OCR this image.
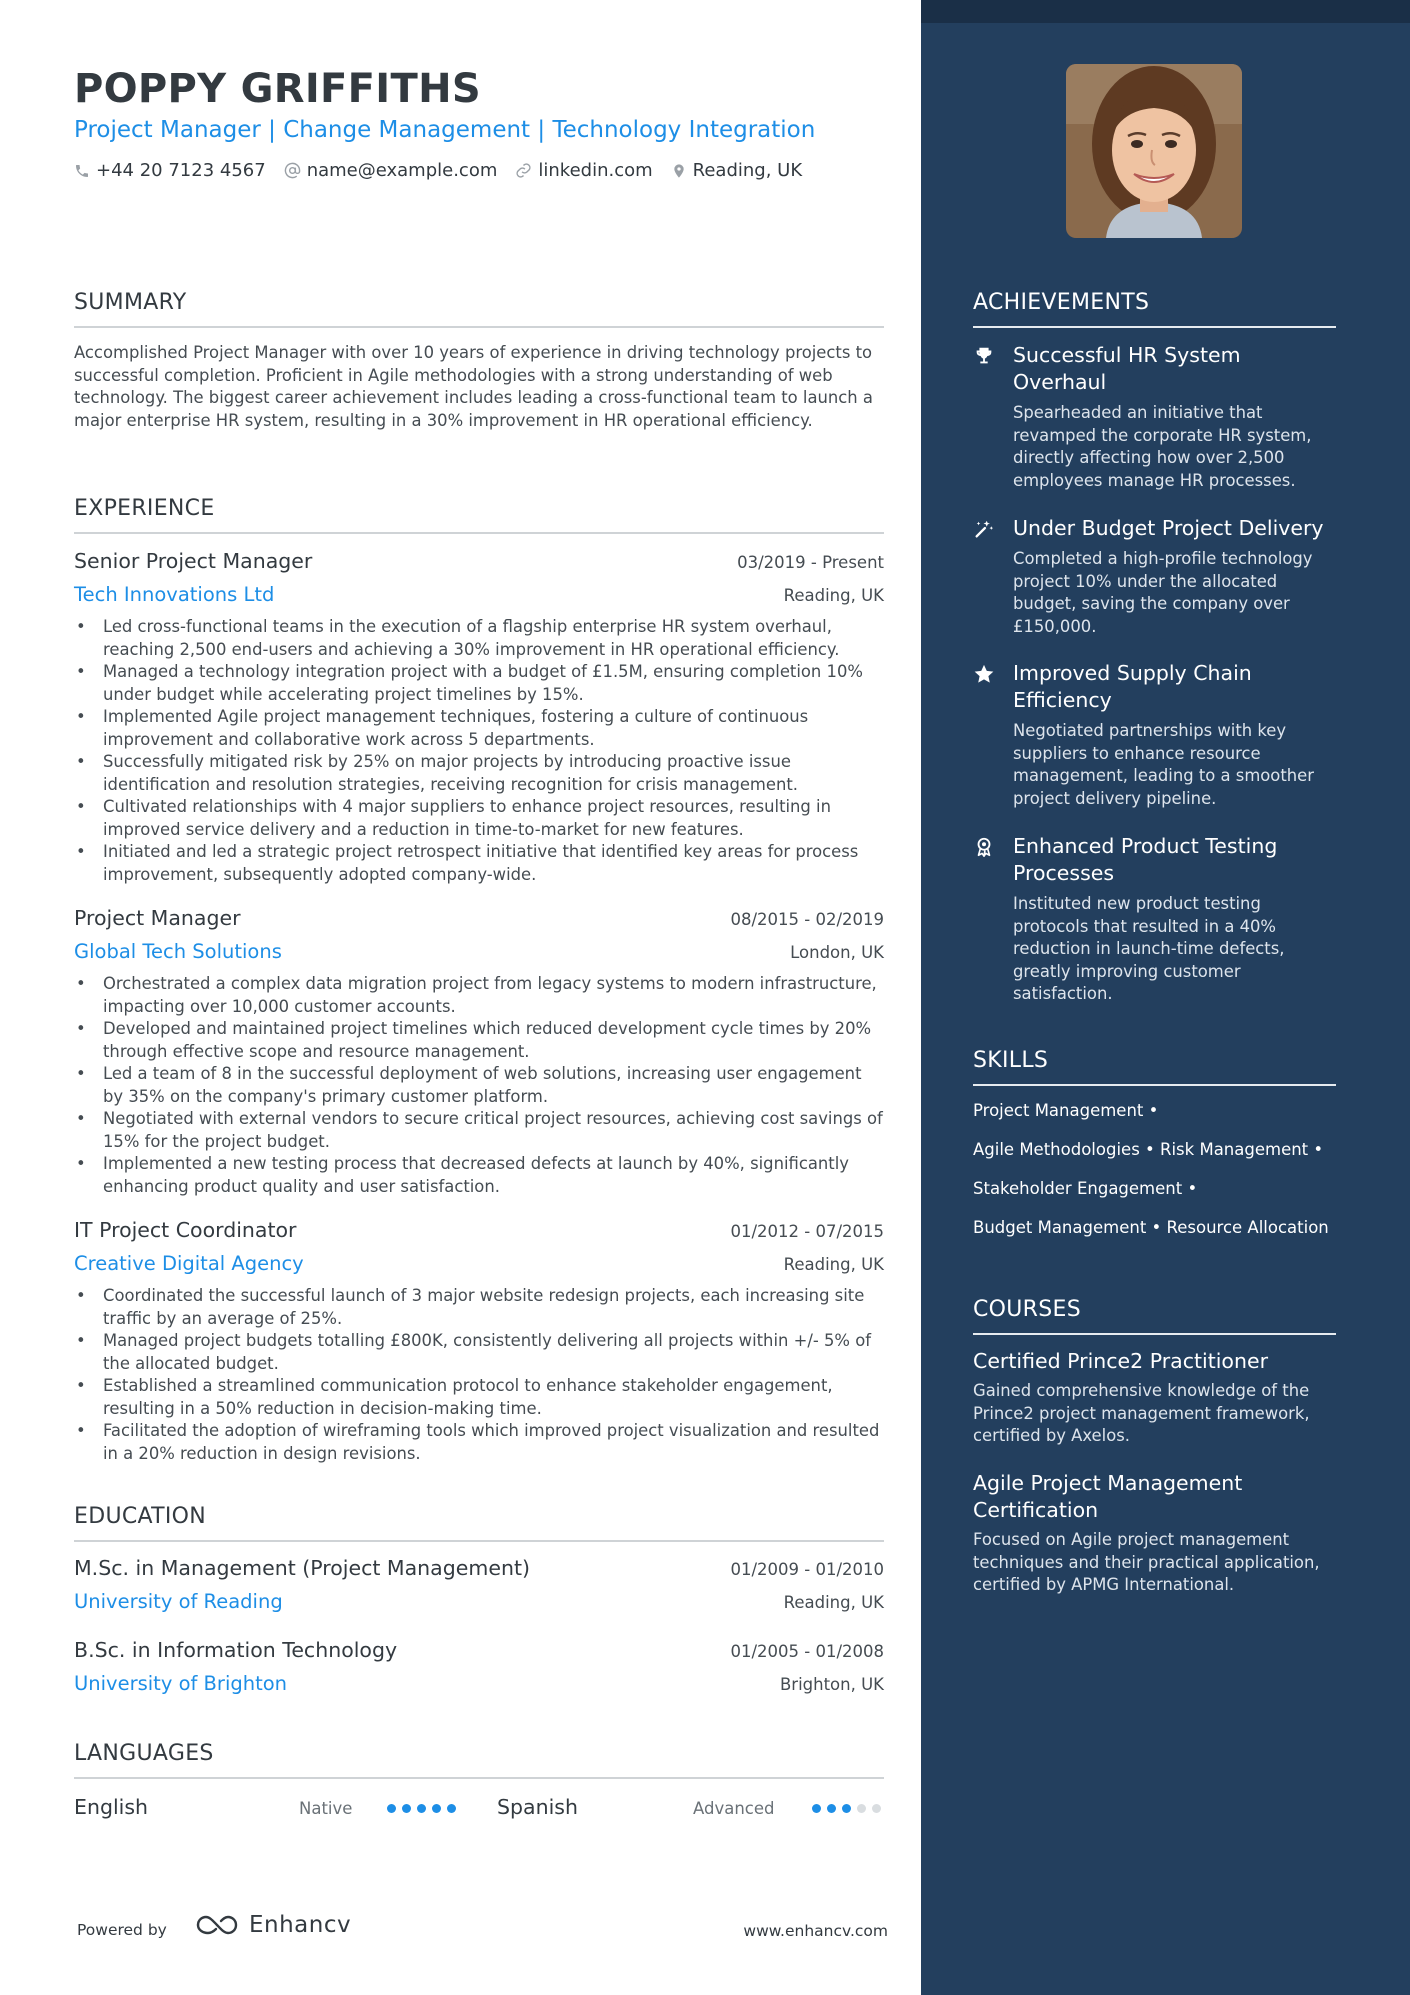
POPPY GRIFFITHS
Project Manager | Change Management | Technology Integration
+44 20 7123 4567 name@example.com linkedin.com Reading, UK
SUMMARY
Accomplished Project Manager with over 10 years of experience in driving technology projects to successful completion. Proficient in Agile methodologies with a strong understanding of web technology. The biggest career achievement includes leading a cross-functional team to launch a major enterprise HR system, resulting in a 30% improvement in HR operational efficiency.
EXPERIENCE
Senior Project Manager	03/2019 - Present
Tech Innovations Ltd	Reading, UK
• Led cross-functional teams in the execution of a flagship enterprise HR system overhaul, reaching 2,500 end-users and achieving a 30% improvement in HR operational efficiency.
• Managed a technology integration project with a budget of £1.5M, ensuring completion 10% under budget while accelerating project timelines by 15%.
• Implemented Agile project management techniques, fostering a culture of continuous improvement and collaborative work across 5 departments.
• Successfully mitigated risk by 25% on major projects by introducing proactive issue identification and resolution strategies, receiving recognition for crisis management.
• Cultivated relationships with 4 major suppliers to enhance project resources, resulting in improved service delivery and a reduction in time-to-market for new features.
• Initiated and led a strategic project retrospect initiative that identified key areas for process improvement, subsequently adopted company-wide.
Project Manager	08/2015 - 02/2019
Global Tech Solutions	London, UK
• Orchestrated a complex data migration project from legacy systems to modern infrastructure, impacting over 10,000 customer accounts.
• Developed and maintained project timelines which reduced development cycle times by 20% through effective scope and resource management.
• Led a team of 8 in the successful deployment of web solutions, increasing user engagement by 35% on the company's primary customer platform.
• Negotiated with external vendors to secure critical project resources, achieving cost savings of 15% for the project budget.
• Implemented a new testing process that decreased defects at launch by 40%, significantly enhancing product quality and user satisfaction.
IT Project Coordinator	01/2012 - 07/2015
Creative Digital Agency	Reading, UK
• Coordinated the successful launch of 3 major website redesign projects, each increasing site traffic by an average of 25%.
• Managed project budgets totalling £800K, consistently delivering all projects within +/- 5% of the allocated budget.
• Established a streamlined communication protocol to enhance stakeholder engagement, resulting in a 50% reduction in decision-making time.
• Facilitated the adoption of wireframing tools which improved project visualization and resulted in a 20% reduction in design revisions.
EDUCATION
M.Sc. in Management (Project Management)	01/2009 - 01/2010
University of Reading	Reading, UK
B.Sc. in Information Technology	01/2005 - 01/2008
University of Brighton	Brighton, UK
LANGUAGES
English	Native	Spanish	Advanced
Powered by	Enhancv	www.enhancv.com
ACHIEVEMENTS
Successful HR System Overhaul
Spearheaded an initiative that revamped the corporate HR system, directly affecting how over 2,500 employees manage HR processes.
Under Budget Project Delivery
Completed a high-profile technology project 10% under the allocated budget, saving the company over £150,000.
Improved Supply Chain Efficiency
Negotiated partnerships with key suppliers to enhance resource management, leading to a smoother project delivery pipeline.
Enhanced Product Testing Processes
Instituted new product testing protocols that resulted in a 40% reduction in launch-time defects, greatly improving customer satisfaction.
SKILLS
Project Management •
Agile Methodologies • Risk Management •
Stakeholder Engagement •
Budget Management • Resource Allocation
COURSES
Certified Prince2 Practitioner
Gained comprehensive knowledge of the Prince2 project management framework, certified by Axelos.
Agile Project Management Certification
Focused on Agile project management techniques and their practical application, certified by APMG International.
